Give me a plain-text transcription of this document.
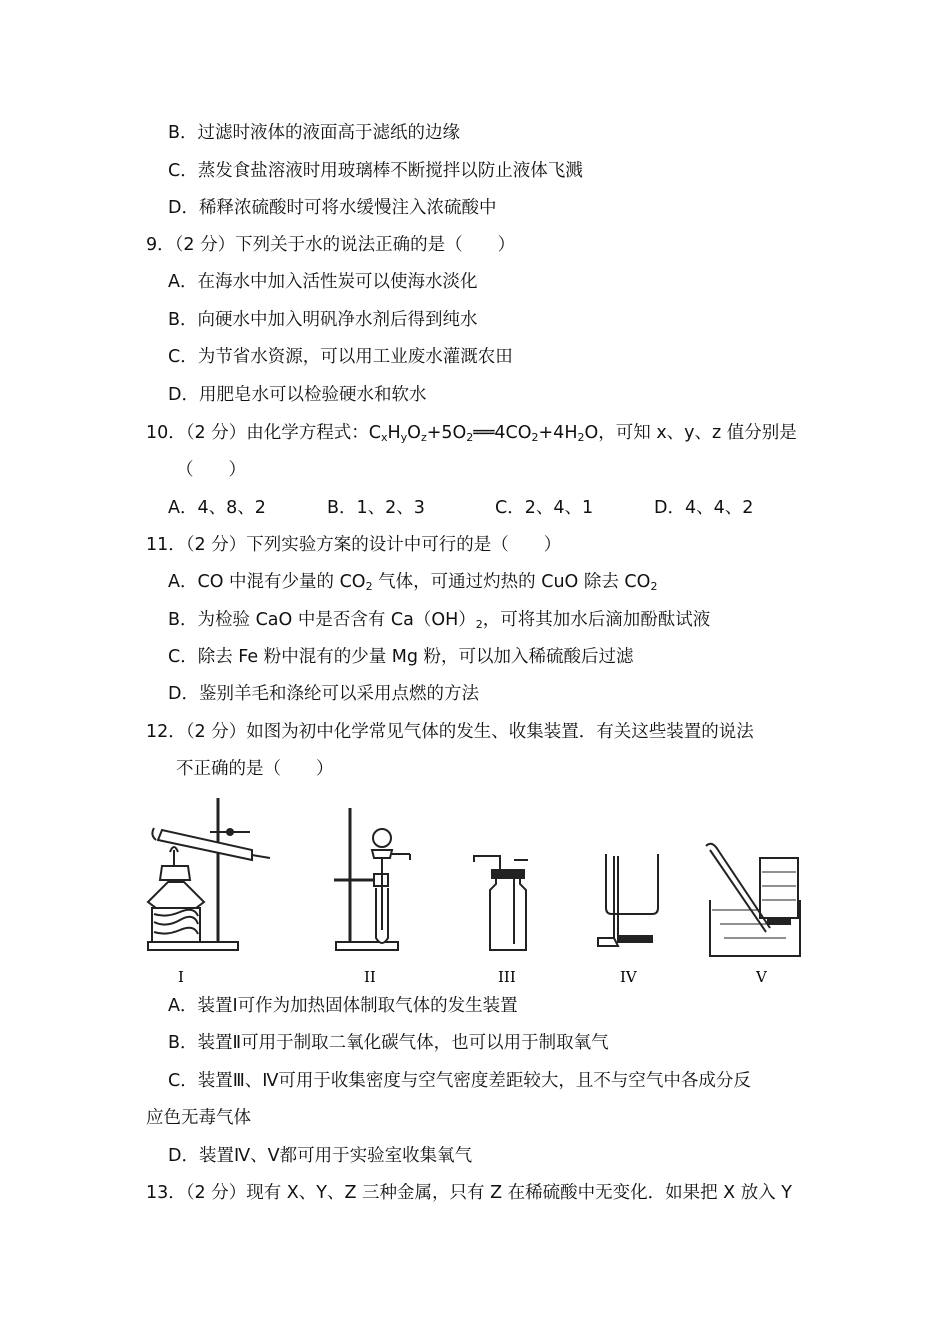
B．过滤时液体的液面高于滤纸的边缘
C．蒸发食盐溶液时用玻璃棒不断搅拌以防止液体飞溅
D．稀释浓硫酸时可将水缓慢注入浓硫酸中
9．（2 分）下列关于水的说法正确的是（　　）
A．在海水中加入活性炭可以使海水淡化
B．向硬水中加入明矾净水剂后得到纯水
C．为节省水资源，可以用工业废水灌溉农田
D．用肥皂水可以检验硬水和软水
10．（2 分）由化学方程式：$C_xH_yO_z+5O_2══4CO_2+4H_2O$，可知 x、y、z 值分别是
（　　）
A．4、8、2	B．1、2、3	C．2、4、1	D．4、4、2
11．（2 分）下列实验方案的设计中可行的是（　　）
A．CO 中混有少量的 $CO_2$ 气体，可通过灼热的 CuO 除去 $CO_2$
B．为检验 CaO 中是否含有 $Ca(OH)_2$，可将其加水后滴加酚酞试液
C．除去 Fe 粉中混有的少量 Mg 粉，可以加入稀硫酸后过滤
D．鉴别羊毛和涤纶可以采用点燃的方法
12．（2 分）如图为初中化学常见气体的发生、收集装置．有关这些装置的说法
不正确的是（　　）
I	II	III	IV	V
A．装置Ⅰ可作为加热固体制取气体的发生装置
B．装置Ⅱ可用于制取二氧化碳气体，也可以用于制取氧气
C．装置Ⅲ、Ⅳ可用于收集密度与空气密度差距较大，且不与空气中各成分反
应色无毒气体
D．装置Ⅳ、Ⅴ都可用于实验室收集氧气
13．（2 分）现有 X、Y、Z 三种金属，只有 Z 在稀硫酸中无变化．如果把 X 放入 Y
